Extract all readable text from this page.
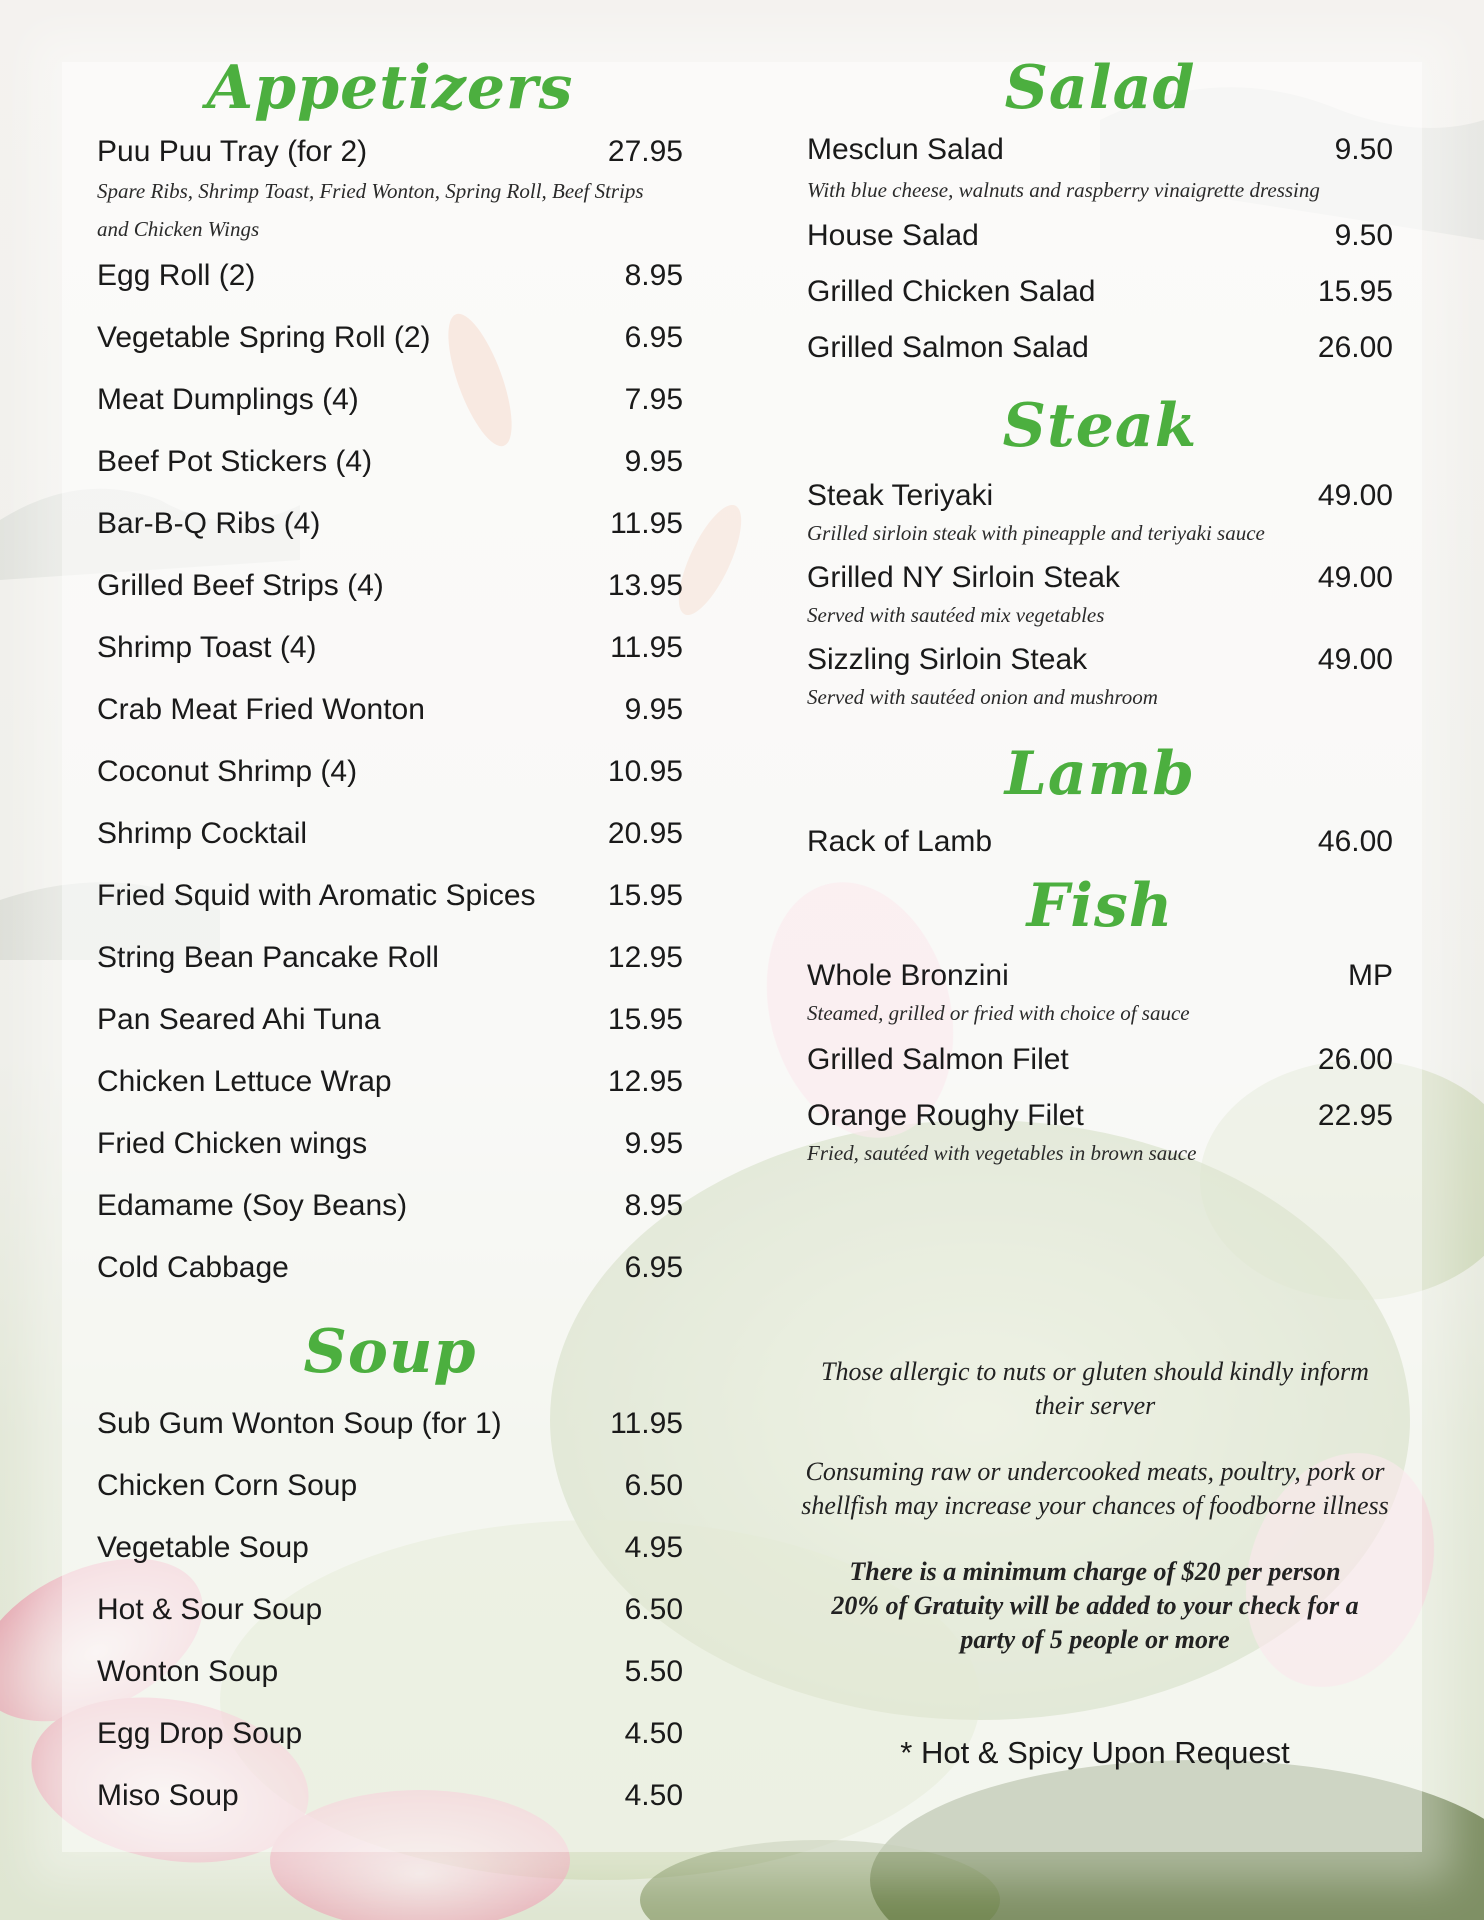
Appetizers
Puu Puu Tray (for 2)	27.95
Spare Ribs, Shrimp Toast, Fried Wonton, Spring Roll, Beef Strips and Chicken Wings
Egg Roll (2)	8.95
Vegetable Spring Roll (2)	6.95
Meat Dumplings (4)	7.95
Beef Pot Stickers (4)	9.95
Bar-B-Q Ribs (4)	11.95
Grilled Beef Strips (4)	13.95
Shrimp Toast (4)	11.95
Crab Meat Fried Wonton	9.95
Coconut Shrimp (4)	10.95
Shrimp Cocktail	20.95
Fried Squid with Aromatic Spices 15.95
String Bean Pancake Roll	12.95
Pan Seared Ahi Tuna	15.95
Chicken Lettuce Wrap	12.95
Fried Chicken wings	9.95
Edamame (Soy Beans)	8.95
Cold Cabbage	6.95
Soup
Sub Gum Wonton Soup (for 1)	11.95
Chicken Corn Soup	6.50
Vegetable Soup	4.95
Hot & Sour Soup	6.50
Wonton Soup	5.50
Egg Drop Soup	4.50
Miso Soup	4.50
Salad
Mesclun Salad	9.50
With blue cheese, walnuts and raspberry vinaigrette dressing
House Salad	9.50
Grilled Chicken Salad	15.95
Grilled Salmon Salad	26.00
Steak
Steak Teriyaki	49.00
Grilled sirloin steak with pineapple and teriyaki sauce
Grilled NY Sirloin Steak	49.00
Served with sautéed mix vegetables
Sizzling Sirloin Steak	49.00
Served with sautéed onion and mushroom
Lamb
Rack of Lamb	46.00
Fish
Whole Bronzini	MP
Steamed, grilled or fried with choice of sauce
Grilled Salmon Filet	26.00
Orange Roughy Filet	22.95
Fried, sautéed with vegetables in brown sauce
Those allergic to nuts or gluten should kindly inform their server
Consuming raw or undercooked meats, poultry, pork or shellfish may increase your chances of foodborne illness
There is a minimum charge of $20 per person
20% of Gratuity will be added to your check for a party of 5 people or more
* Hot & Spicy Upon Request
